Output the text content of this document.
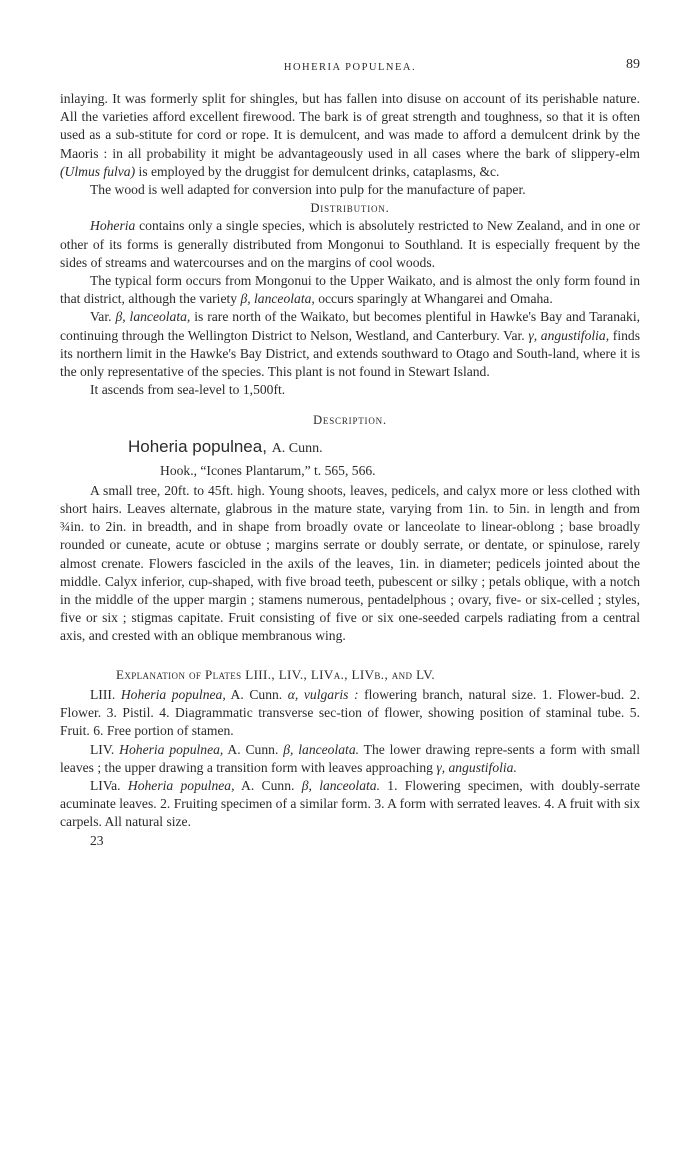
HOHERIA POPULNEA.	89

inlaying. It was formerly split for shingles, but has fallen into disuse on account of its perishable nature. All the varieties afford excellent firewood. The bark is of great strength and toughness, so that it is often used as a sub-stitute for cord or rope. It is demulcent, and was made to afford a demulcent drink by the Maoris : in all probability it might be advantageously used in all cases where the bark of slippery-elm (Ulmus fulva) is employed by the druggist for demulcent drinks, cataplasms, &c.

The wood is well adapted for conversion into pulp for the manufacture of paper.

Distribution.

Hoheria contains only a single species, which is absolutely restricted to New Zealand, and in one or other of its forms is generally distributed from Mongonui to Southland. It is especially frequent by the sides of streams and watercourses and on the margins of cool woods.

The typical form occurs from Mongonui to the Upper Waikato, and is almost the only form found in that district, although the variety β, lanceolata, occurs sparingly at Whangarei and Omaha.

Var. β, lanceolata, is rare north of the Waikato, but becomes plentiful in Hawke's Bay and Taranaki, continuing through the Wellington District to Nelson, Westland, and Canterbury. Var. γ, angustifolia, finds its northern limit in the Hawke's Bay District, and extends southward to Otago and South-land, where it is the only representative of the species. This plant is not found in Stewart Island.

It ascends from sea-level to 1,500ft.

Description.
Hoheria populnea, A. Cunn.
Hook., “Icones Plantarum,” t. 565, 566.

A small tree, 20ft. to 45ft. high. Young shoots, leaves, pedicels, and calyx more or less clothed with short hairs. Leaves alternate, glabrous in the mature state, varying from 1in. to 5in. in length and from ¾in. to 2in. in breadth, and in shape from broadly ovate or lanceolate to linear-oblong ; base broadly rounded or cuneate, acute or obtuse ; margins serrate or doubly serrate, or dentate, or spinulose, rarely almost crenate. Flowers fascicled in the axils of the leaves, 1in. in diameter; pedicels jointed about the middle. Calyx inferior, cup-shaped, with five broad teeth, pubescent or silky ; petals oblique, with a notch in the middle of the upper margin ; stamens numerous, pentadelphous ; ovary, five- or six-celled ; styles, five or six ; stigmas capitate. Fruit consisting of five or six one-seeded carpels radiating from a central axis, and crested with an oblique membranous wing.

Explanation of Plates LIII., LIV., LIVa., LIVb., and LV.

LIII. Hoheria populnea, A. Cunn. α, vulgaris : flowering branch, natural size. 1. Flower-bud. 2. Flower. 3. Pistil. 4. Diagrammatic transverse sec-tion of flower, showing position of staminal tube. 5. Fruit. 6. Free portion of stamen.

LIV. Hoheria populnea, A. Cunn. β, lanceolata. The lower drawing repre-sents a form with small leaves ; the upper drawing a transition form with leaves approaching γ, angustifolia.

LIVa. Hoheria populnea, A. Cunn. β, lanceolata. 1. Flowering specimen, with doubly-serrate acuminate leaves. 2. Fruiting specimen of a similar form. 3. A form with serrated leaves. 4. A fruit with six carpels. All natural size.

23
